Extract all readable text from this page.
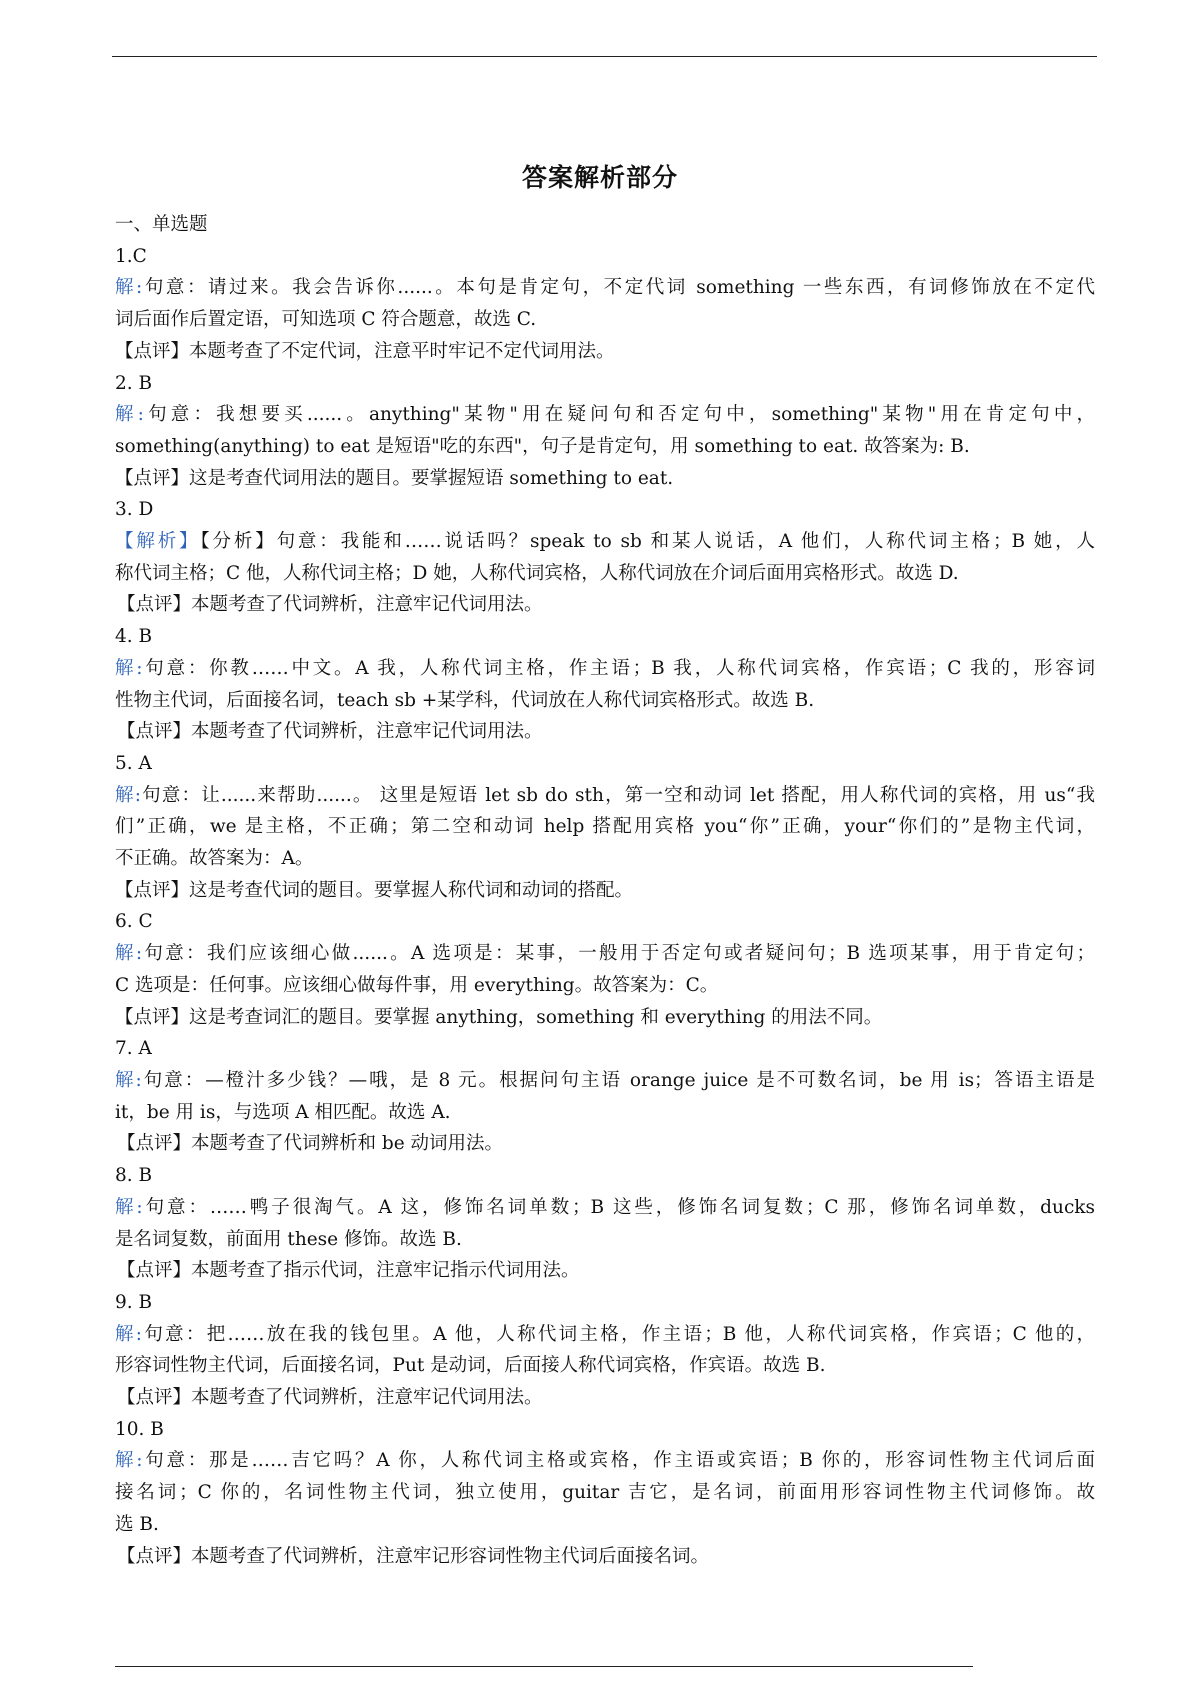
答案解析部分
一、单选题
1.C
解:句意：请过来。我会告诉你......。本句是肯定句，不定代词 something 一些东西，有词修饰放在不定代
词后面作后置定语，可知选项 C 符合题意，故选 C.
【点评】本题考查了不定代词，注意平时牢记不定代词用法。
2. B
解:句意：我想要买......。anything"某物"用在疑问句和否定句中，something"某物"用在肯定句中，
something(anything) to eat 是短语"吃的东西"，句子是肯定句，用 something to eat. 故答案为: B.
【点评】这是考查代词用法的题目。要掌握短语 something to eat.
3. D
【解析】【分析】句意：我能和……说话吗？speak to sb 和某人说话，A 他们，人称代词主格；B 她，人
称代词主格；C 他，人称代词主格；D 她，人称代词宾格，人称代词放在介词后面用宾格形式。故选 D.
【点评】本题考查了代词辨析，注意牢记代词用法。
4. B
解:句意：你教……中文。A 我，人称代词主格，作主语；B 我，人称代词宾格，作宾语；C 我的，形容词
性物主代词，后面接名词，teach sb +某学科，代词放在人称代词宾格形式。故选 B.
【点评】本题考查了代词辨析，注意牢记代词用法。
5. A
解:句意：让......来帮助......。 这里是短语 let sb do sth，第一空和动词 let 搭配，用人称代词的宾格，用 us“我
们”正确，we 是主格，不正确；第二空和动词 help 搭配用宾格 you“你”正确，your“你们的”是物主代词，
不正确。故答案为：A。
【点评】这是考查代词的题目。要掌握人称代词和动词的搭配。
6. C
解:句意：我们应该细心做......。A 选项是：某事，一般用于否定句或者疑问句；B 选项某事，用于肯定句；
C 选项是：任何事。应该细心做每件事，用 everything。故答案为：C。
【点评】这是考查词汇的题目。要掌握 anything，something 和 everything 的用法不同。
7. A
解:句意：—橙汁多少钱？—哦，是 8 元。根据问句主语 orange juice 是不可数名词，be 用 is；答语主语是
it，be 用 is，与选项 A 相匹配。故选 A.
【点评】本题考查了代词辨析和 be 动词用法。
8. B
解:句意：……鸭子很淘气。A 这，修饰名词单数；B 这些，修饰名词复数；C 那，修饰名词单数，ducks
是名词复数，前面用 these 修饰。故选 B.
【点评】本题考查了指示代词，注意牢记指示代词用法。
9. B
解:句意：把……放在我的钱包里。A 他，人称代词主格，作主语；B 他，人称代词宾格，作宾语；C 他的，
形容词性物主代词，后面接名词，Put 是动词，后面接人称代词宾格，作宾语。故选 B.
【点评】本题考查了代词辨析，注意牢记代词用法。
10. B
解:句意：那是……吉它吗？A 你，人称代词主格或宾格，作主语或宾语；B 你的，形容词性物主代词后面
接名词；C 你的，名词性物主代词，独立使用，guitar 吉它，是名词，前面用形容词性物主代词修饰。故
选 B.
【点评】本题考查了代词辨析，注意牢记形容词性物主代词后面接名词。
